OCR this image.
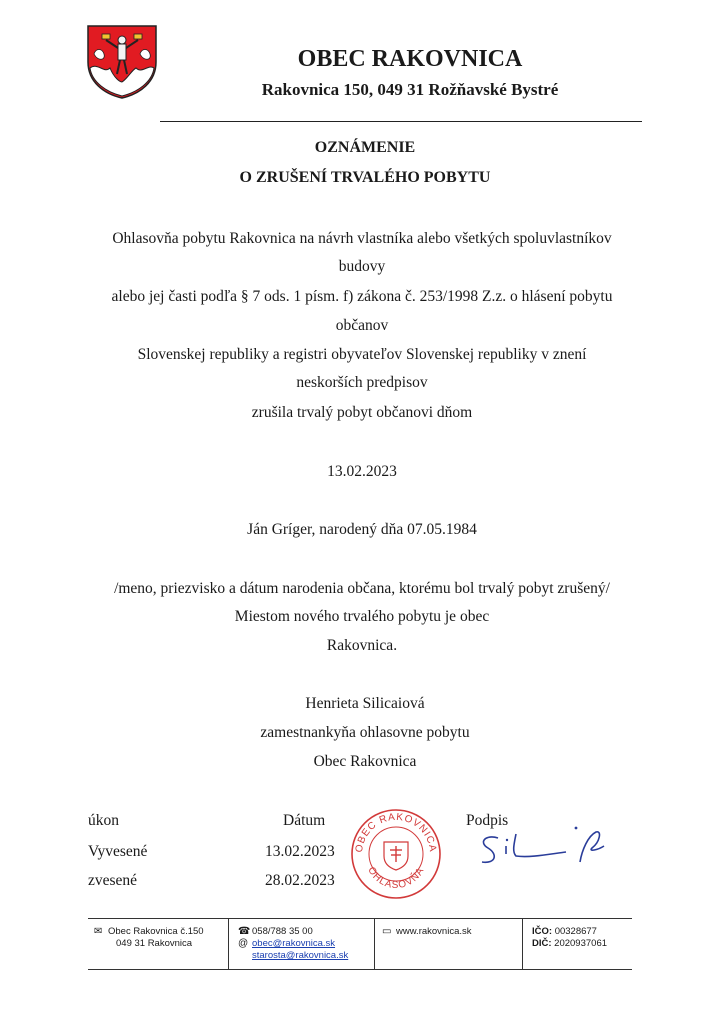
OBEC RAKOVNICA
Rakovnica 150, 049 31 Rožňavské Bystré
OZNÁMENIE
O ZRUŠENÍ TRVALÉHO POBYTU
Ohlasovňa pobytu Rakovnica na návrh vlastníka alebo všetkých spoluvlastníkov
budovy
alebo jej časti podľa § 7 ods. 1 písm. f) zákona č. 253/1998 Z.z. o hlásení pobytu
občanov
Slovenskej republiky a registri obyvateľov Slovenskej republiky v znení
neskorších predpisov
zrušila trvalý pobyt občanovi dňom
13.02.2023
Ján Gríger, narodený dňa 07.05.1984
/meno, priezvisko a dátum narodenia občana, ktorému bol trvalý pobyt zrušený/
Miestom nového trvalého pobytu je obec
Rakovnica.
Henrieta Silicaiová
zamestnankyňa ohlasovne pobytu
Obec Rakovnica
úkon	Dátum	Podpis
Vyvesené	13.02.2023
zvesené	28.02.2023
OBEC RAKOVNICA
OHLASOVŇA
✉ Obec Rakovnica č.150
049 31 Rakovnica
☎ 058/788 35 00
@ obec@rakovnica.sk
starosta@rakovnica.sk
▭ www.rakovnica.sk	IČO: 00328677
DIČ: 2020937061
